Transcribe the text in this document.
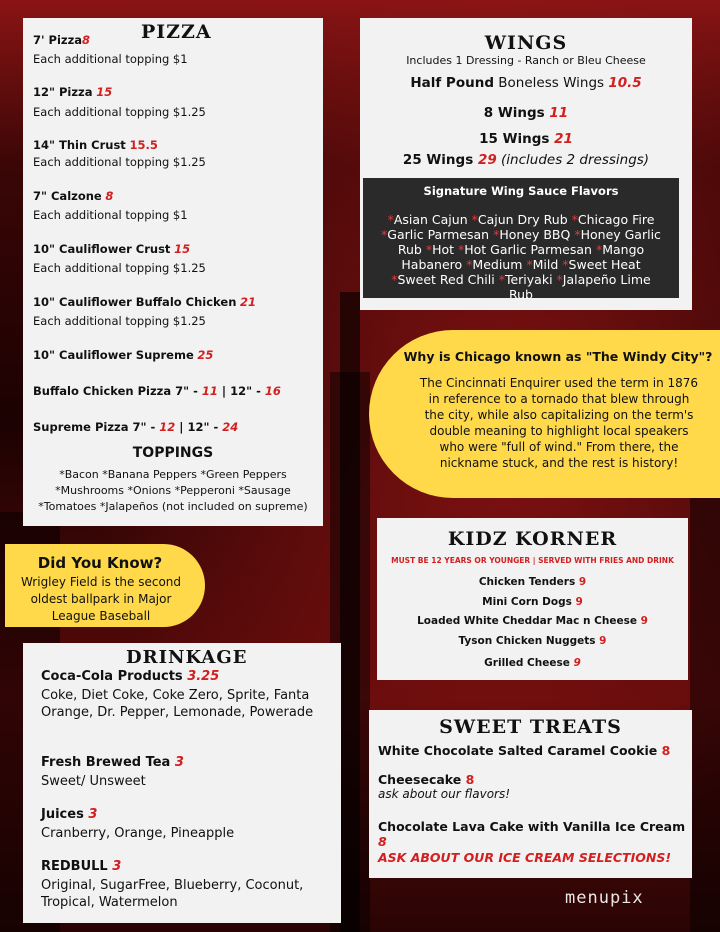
PIZZA
7' Pizza8
Each additional topping $1
12" Pizza 15
Each additional topping $1.25
14" Thin Crust 15.5
Each additional topping $1.25
7" Calzone 8
Each additional topping $1
10" Cauliflower Crust 15
Each additional topping $1.25
10" Cauliflower Buffalo Chicken 21
Each additional topping $1.25
10" Cauliflower Supreme 25
Buffalo Chicken Pizza 7" - 11 | 12" - 16
Supreme Pizza 7" - 12 | 12" - 24
TOPPINGS
*Bacon *Banana Peppers *Green Peppers
*Mushrooms *Onions *Pepperoni *Sausage
*Tomatoes *Jalapeños (not included on supreme)
WINGS
Includes 1 Dressing - Ranch or Bleu Cheese
Half Pound Boneless Wings 10.5
8 Wings 11
15 Wings 21
25 Wings 29 (includes 2 dressings)
Signature Wing Sauce Flavors
*Asian Cajun *Cajun Dry Rub *Chicago Fire *Garlic Parmesan *Honey BBQ *Honey Garlic Rub *Hot *Hot Garlic Parmesan *Mango Habanero *Medium *Mild *Sweet Heat *Sweet Red Chili *Teriyaki *Jalapeño Lime Rub
Why is Chicago known as "The Windy City"?
The Cincinnati Enquirer used the term in 1876 in reference to a tornado that blew through the city, while also capitalizing on the term's double meaning to highlight local speakers who were "full of wind." From there, the nickname stuck, and the rest is history!
Did You Know?
Wrigley Field is the second oldest ballpark in Major League Baseball
KIDZ KORNER
MUST BE 12 YEARS OR YOUNGER | SERVED WITH FRIES AND DRINK
Chicken Tenders 9
Mini Corn Dogs 9
Loaded White Cheddar Mac n Cheese 9
Tyson Chicken Nuggets 9
Grilled Cheese 9
DRINKAGE
Coca-Cola Products 3.25
Coke, Diet Coke, Coke Zero, Sprite, Fanta Orange, Dr. Pepper, Lemonade, Powerade
Fresh Brewed Tea 3
Sweet/ Unsweet
Juices 3
Cranberry, Orange, Pineapple
REDBULL 3
Original, SugarFree, Blueberry, Coconut, Tropical, Watermelon
SWEET TREATS
White Chocolate Salted Caramel Cookie 8
Cheesecake 8
ask about our flavors!
Chocolate Lava Cake with Vanilla Ice Cream 8
ASK ABOUT OUR ICE CREAM SELECTIONS!
menupix
